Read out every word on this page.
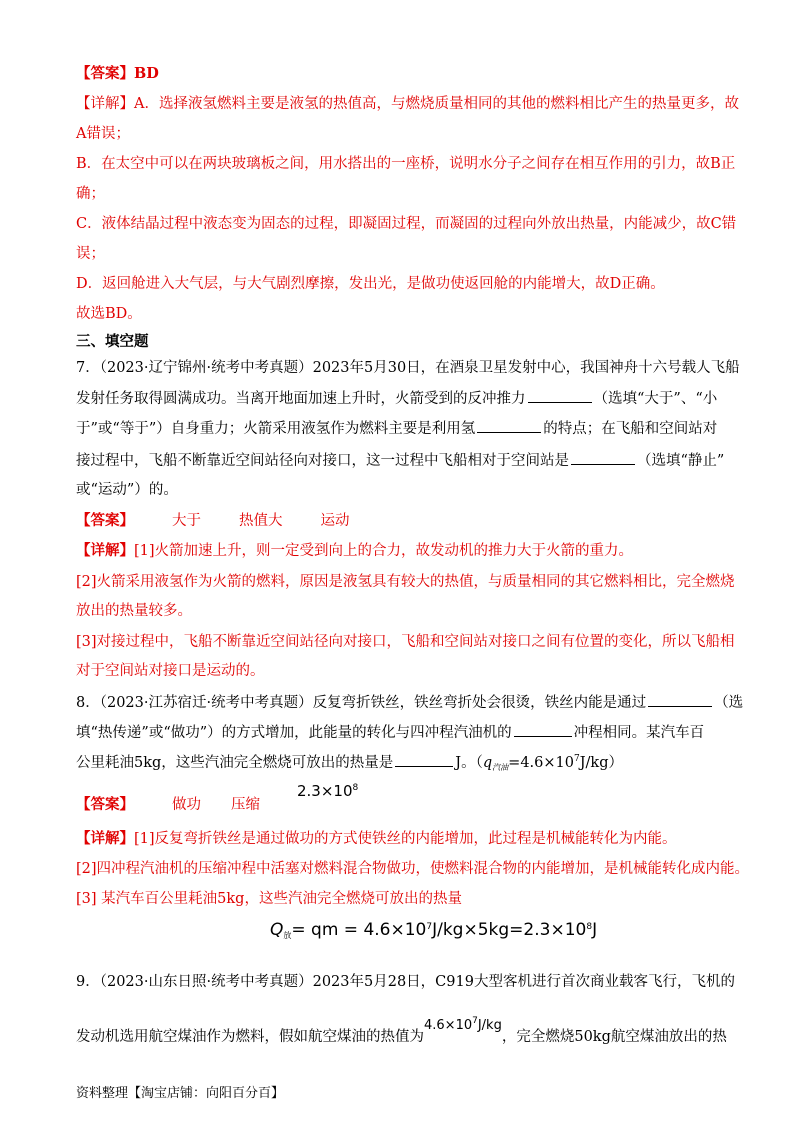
【答案】BD
【详解】A．选择液氢燃料主要是液氢的热值高，与燃烧质量相同的其他的燃料相比产生的热量更多，故
A错误；
B．在太空中可以在两块玻璃板之间，用水搭出的一座桥，说明水分子之间存在相互作用的引力，故B正
确；
C．液体结晶过程中液态变为固态的过程，即凝固过程，而凝固的过程向外放出热量，内能减少，故C错
误；
D．返回舱进入大气层，与大气剧烈摩擦，发出光，是做功使返回舱的内能增大，故D正确。
故选BD。
三、填空题
7．（2023·辽宁锦州·统考中考真题）2023年5月30日，在酒泉卫星发射中心，我国神舟十六号载人飞船
发射任务取得圆满成功。当离开地面加速上升时，火箭受到的反冲推力	（选填“大于”、“小
于”或“等于”）自身重力；火箭采用液氢作为燃料主要是利用氢	的特点；在飞船和空间站对
接过程中，飞船不断靠近空间站径向对接口，这一过程中飞船相对于空间站是	（选填“静止”
或“运动”）的。
【答案】	大于	热值大	运动
【详解】[1]火箭加速上升，则一定受到向上的合力，故发动机的推力大于火箭的重力。
[2]火箭采用液氢作为火箭的燃料，原因是液氢具有较大的热值，与质量相同的其它燃料相比，完全燃烧
放出的热量较多。
[3]对接过程中，飞船不断靠近空间站径向对接口，飞船和空间站对接口之间有位置的变化，所以飞船相
对于空间站对接口是运动的。
8．（2023·江苏宿迁·统考中考真题）反复弯折铁丝，铁丝弯折处会很烫，铁丝内能是通过	（选
填“热传递”或“做功”）的方式增加，此能量的转化与四冲程汽油机的	冲程相同。某汽车百
公里耗油5kg，这些汽油完全燃烧可放出的热量是	J。$(q_{汽油}=4.6\times 10^7J/kg)$
【答案】	做功 压缩
$2.3\times 10^8$
【详解】[1]反复弯折铁丝是通过做功的方式使铁丝的内能增加，此过程是机械能转化为内能。
[2]四冲程汽油机的压缩冲程中活塞对燃料混合物做功，使燃料混合物的内能增加，是机械能转化成内能。
[3] 某汽车百公里耗油5kg，这些汽油完全燃烧可放出的热量
$Q_放=$ qm = $4.6\times 10^7J/kg\times 5kg=2.3\times 10^8J$
9．（2023·山东日照·统考中考真题）2023年5月28日，C919大型客机进行首次商业载客飞行，飞机的
发动机选用航空煤油作为燃料，假如航空煤油的热值为$4.6\times 10^7J/kg$，完全燃烧50kg航空煤油放出的热
资料整理【淘宝店铺：向阳百分百】
